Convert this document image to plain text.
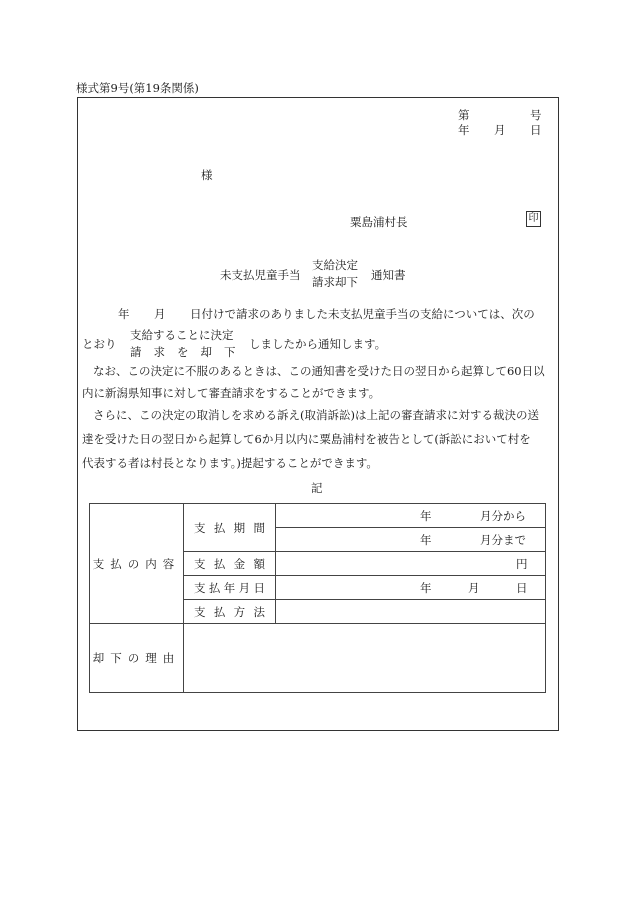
様式第9号(第19条関係)
第	号
年 月 日
様
粟島浦村長	印
未支払児童手当
支給決定
請求却下 通知書
年 月 日付けで請求のありました未支払児童手当の支給については、次の
とおり
支給することに決定
請 求 を 却 下
しましたから通知します。
なお、この決定に不服のあるときは、この通知書を受けた日の翌日から起算して60日以
内に新潟県知事に対して審査請求をすることができます。
さらに、この決定の取消しを求める訴え(取消訴訟)は上記の審査請求に対する裁決の送
達を受けた日の翌日から起算して6か月以内に粟島浦村を被告として(訴訟において村を
代表する者は村長となります。)提起することができます。
記
支払の内容	支払期間	年 月分から

		年 月分まで

	支払金額	円

	支払年月日	年 月 日

	支払方法	
却下の理由		
